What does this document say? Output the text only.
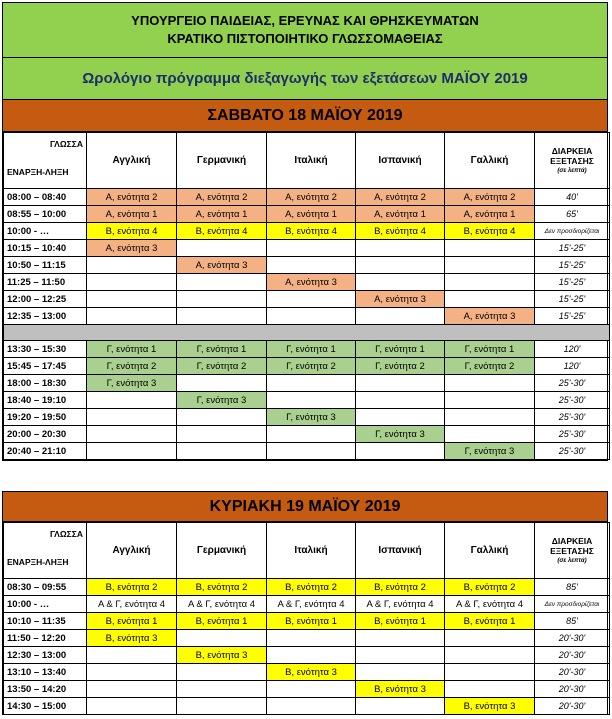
ΥΠΟΥΡΓΕΙΟ ΠΑΙΔΕΙΑΣ, ΕΡΕΥΝΑΣ ΚΑΙ ΘΡΗΣΚΕΥΜΑΤΩΝ
ΚΡΑΤΙΚΟ ΠΙΣΤΟΠΟΙΗΤΙΚΟ ΓΛΩΣΣΟΜΑΘΕΙΑΣ
Ωρολόγιο πρόγραμμα διεξαγωγής των εξετάσεων ΜΑΪΟΥ 2019
ΣΑΒΒΑΤΟ 18 ΜΑΪΟΥ 2019
ΓΛΩΣΣΑ
ΕΝΑΡΞΗ-ΛΗΞΗ	Αγγλική	Γερμανική	Ιταλική	Ισπανική	Γαλλική	ΔΙΑΡΚΕΙΑ
ΕΞΕΤΑΣΗΣ
(σε λεπτά)

08:00 – 08:40	Α, ενότητα 2	Α, ενότητα 2	Α, ενότητα 2	Α, ενότητα 2	Α, ενότητα 2	40'
08:55 – 10:00	Α, ενότητα 1	Α, ενότητα 1	Α, ενότητα 1	Α, ενότητα 1	Α, ενότητα 1	65'
10:00 - …	Β, ενότητα 4	Β, ενότητα 4	Β, ενότητα 4	Β, ενότητα 4	Β, ενότητα 4	Δεν προσδιορίζεται
10:15 – 10:40	Α, ενότητα 3					15'-25'
10:50 – 11:15		Α, ενότητα 3				15'-25'
11:25 – 11:50			Α, ενότητα 3			15'-25'
12:00 – 12:25				Α, ενότητα 3		15'-25'
12:35 – 13:00					Α, ενότητα 3	15'-25'

13:30 – 15:30	Γ, ενότητα 1	Γ, ενότητα 1	Γ, ενότητα 1	Γ, ενότητα 1	Γ, ενότητα 1	120'
15:45 – 17:45	Γ, ενότητα 2	Γ, ενότητα 2	Γ, ενότητα 2	Γ, ενότητα 2	Γ, ενότητα 2	120'
18:00 – 18:30	Γ, ενότητα 3					25'-30'
18:40 – 19:10		Γ, ενότητα 3				25'-30'
19:20 – 19:50			Γ, ενότητα 3			25'-30'
20:00 – 20:30				Γ, ενότητα 3		25'-30'
20:40 – 21:10					Γ, ενότητα 3	25'-30'
ΚΥΡΙΑΚΗ 19 ΜΑΪΟΥ 2019
ΓΛΩΣΣΑ
ΕΝΑΡΞΗ-ΛΗΞΗ	Αγγλική	Γερμανική	Ιταλική	Ισπανική	Γαλλική	ΔΙΑΡΚΕΙΑ
ΕΞΕΤΑΣΗΣ
(σε λεπτά)

08:30 – 09:55	Β, ενότητα 2	Β, ενότητα 2	Β, ενότητα 2	Β, ενότητα 2	Β, ενότητα 2	85'
10:00 - …	Α & Γ, ενότητα 4	Α & Γ, ενότητα 4	Α & Γ, ενότητα 4	Α & Γ, ενότητα 4	Α & Γ, ενότητα 4	Δεν προσδιορίζεται
10:10 – 11:35	Β, ενότητα 1	Β, ενότητα 1	Β, ενότητα 1	Β, ενότητα 1	Β, ενότητα 1	85'
11:50 – 12:20	Β, ενότητα 3					20'-30'
12:30 – 13:00		Β, ενότητα 3				20'-30'
13:10 – 13:40			Β, ενότητα 3			20'-30'
13:50 – 14:20				Β, ενότητα 3		20'-30'
14:30 – 15:00					Β, ενότητα 3	20'-30'
